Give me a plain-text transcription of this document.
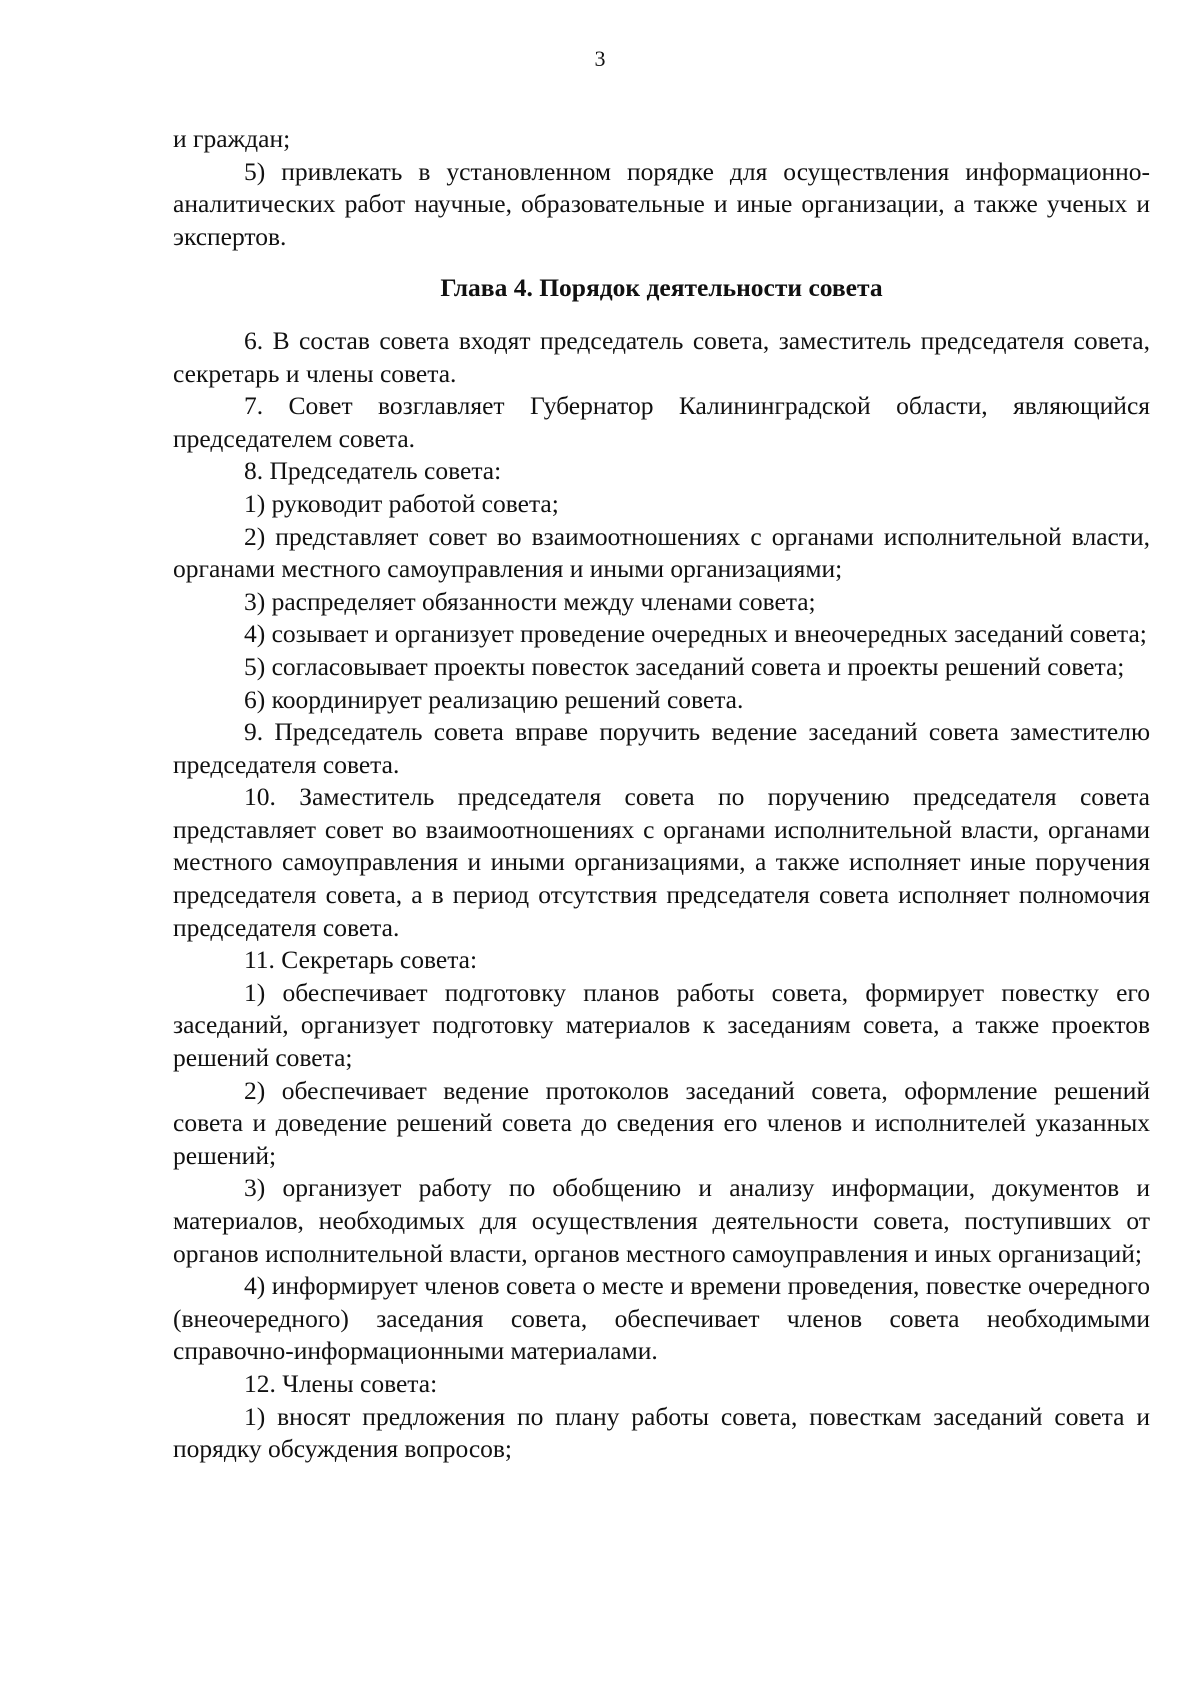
3

и граждан;

5) привлекать в установленном порядке для осуществления информационно-аналитических работ научные, образовательные и иные организации, а также ученых и экспертов.

Глава 4. Порядок деятельности совета

6. В состав совета входят председатель совета, заместитель председателя совета, секретарь и члены совета.

7. Совет возглавляет Губернатор Калининградской области, являющийся председателем совета.

8. Председатель совета:

1) руководит работой совета;

2) представляет совет во взаимоотношениях с органами исполнительной власти, органами местного самоуправления и иными организациями;

3) распределяет обязанности между членами совета;

4) созывает и организует проведение очередных и внеочередных заседаний совета;

5) согласовывает проекты повесток заседаний совета и проекты решений совета;

6) координирует реализацию решений совета.

9. Председатель совета вправе поручить ведение заседаний совета заместителю председателя совета.

10. Заместитель председателя совета по поручению председателя совета представляет совет во взаимоотношениях с органами исполнительной власти, органами местного самоуправления и иными организациями, а также исполняет иные поручения председателя совета, а в период отсутствия председателя совета исполняет полномочия председателя совета.

11. Секретарь совета:

1) обеспечивает подготовку планов работы совета, формирует повестку его заседаний, организует подготовку материалов к заседаниям совета, а также проектов решений совета;

2) обеспечивает ведение протоколов заседаний совета, оформление решений совета и доведение решений совета до сведения его членов и исполнителей указанных решений;

3) организует работу по обобщению и анализу информации, документов и материалов, необходимых для осуществления деятельности совета, поступивших от органов исполнительной власти, органов местного самоуправления и иных организаций;

4) информирует членов совета о месте и времени проведения, повестке очередного (внеочередного) заседания совета, обеспечивает членов совета необходимыми справочно-информационными материалами.

12. Члены совета:

1) вносят предложения по плану работы совета, повесткам заседаний совета и порядку обсуждения вопросов;
